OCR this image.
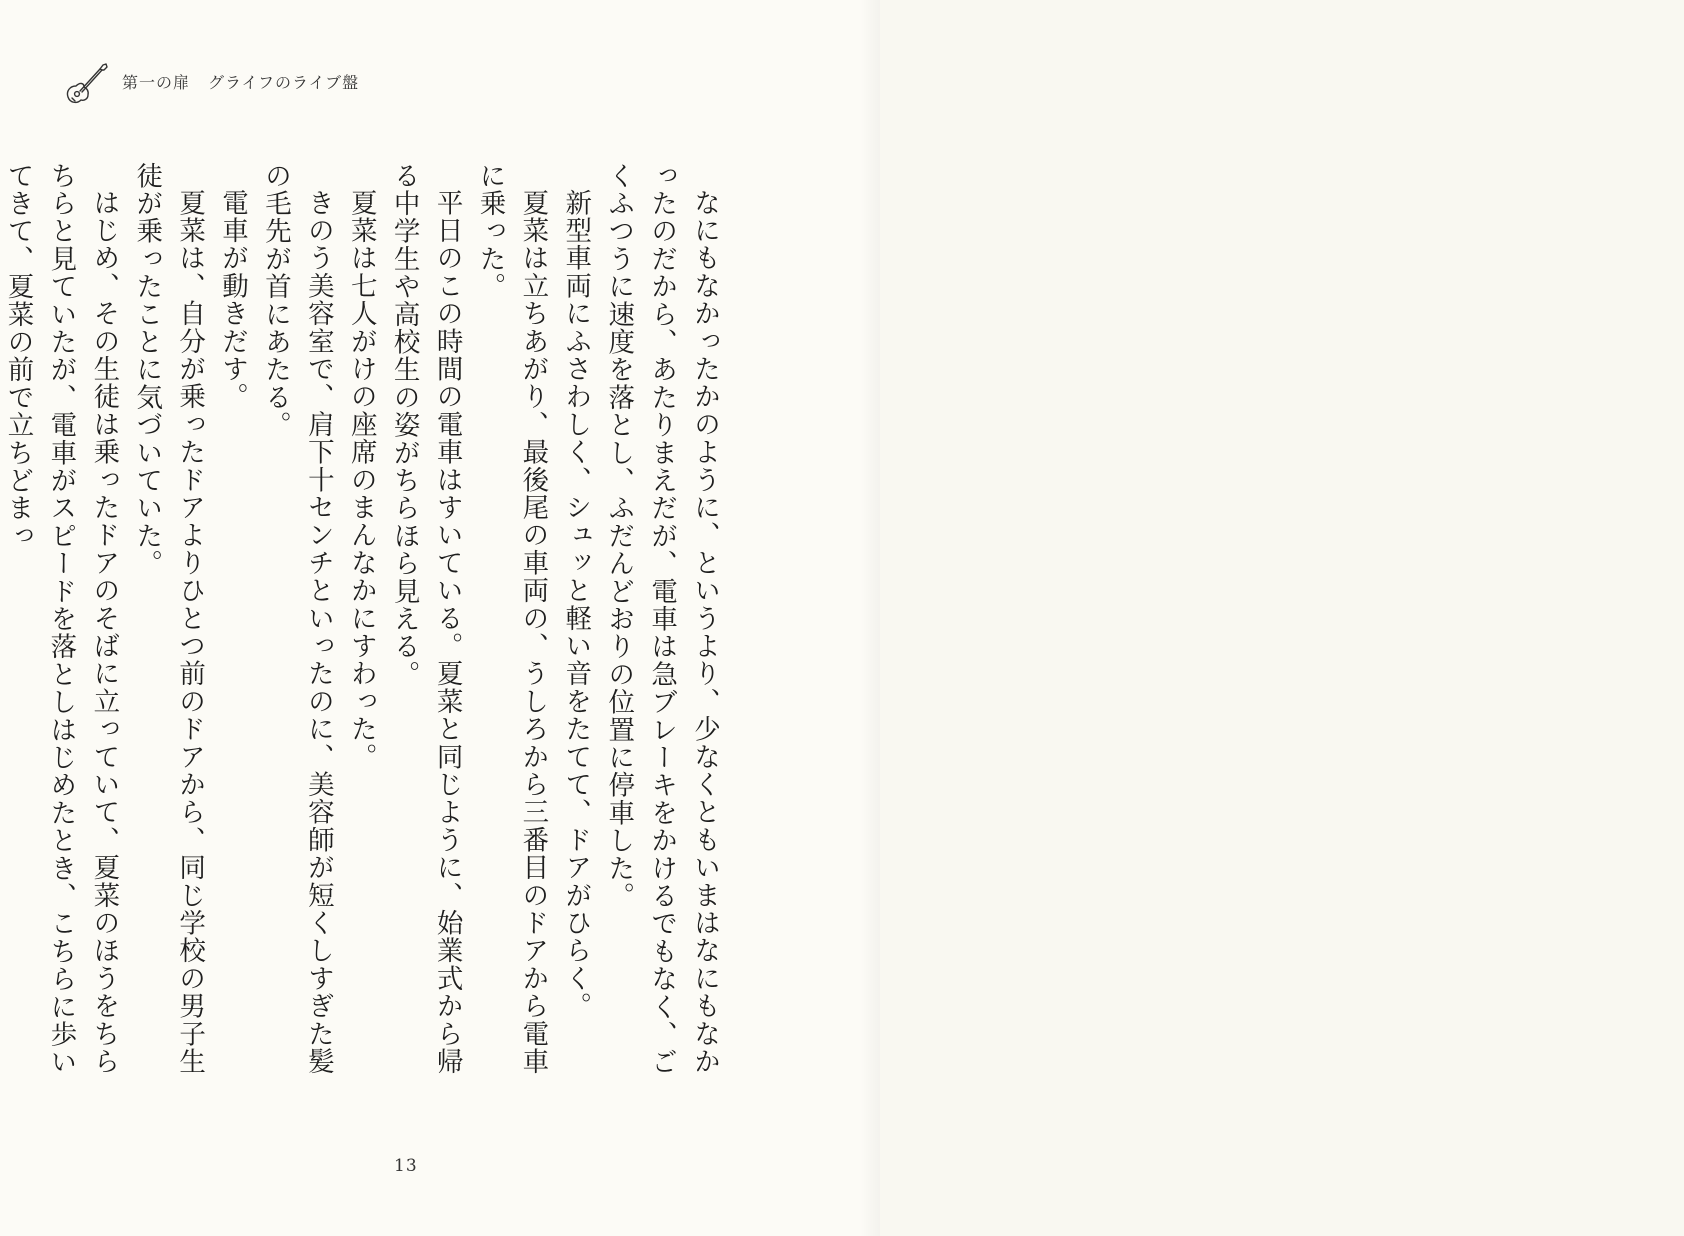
第一の扉 グライフのライブ盤

なにもなかったかのように、というより、少なくともいまはなにもなかったのだから、あたりまえだが、電車は急ブレーキをかけるでもなく、ごくふつうに速度を落とし、ふだんどおりの位置に停車した。

新型車両にふさわしく、シュッと軽い音をたてて、ドアがひらく。

夏菜は立ちあがり、最後尾の車両の、うしろから三番目のドアから電車に乗った。

平日のこの時間の電車はすいている。夏菜と同じように、始業式から帰る中学生や高校生の姿がちらほら見える。

夏菜は七人がけの座席のまんなかにすわった。

きのう美容室で、肩下十センチといったのに、美容師が短くしすぎた髪の毛先が首にあたる。

電車が動きだす。

夏菜は、自分が乗ったドアよりひとつ前のドアから、同じ学校の男子生徒が乗ったことに気づいていた。

はじめ、その生徒は乗ったドアのそばに立っていて、夏菜のほうをちらちらと見ていたが、電車がスピードを落としはじめたとき、こちらに歩いてきて、夏菜の前で立ちどまっ

13
